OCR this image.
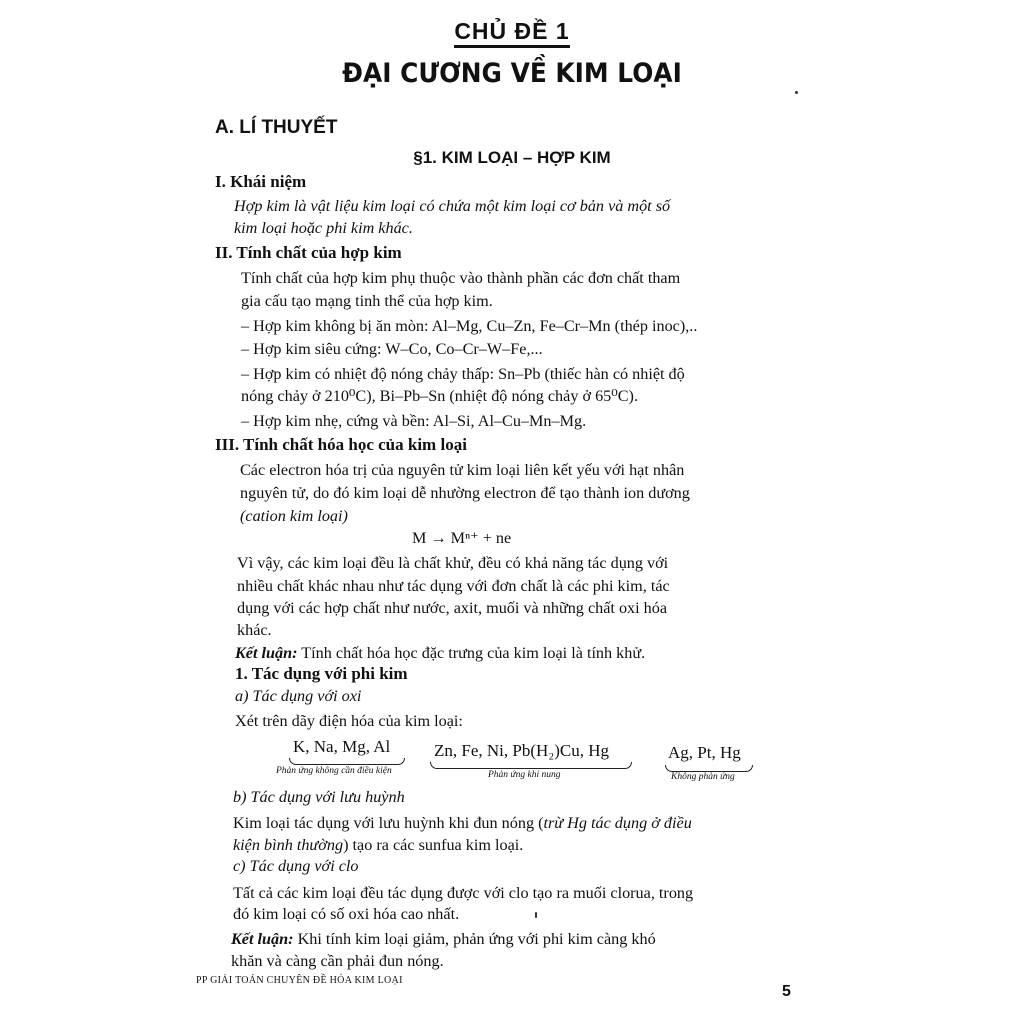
CHỦ ĐỀ 1
ĐẠI CƯƠNG VỀ KIM LOẠI
A. LÍ THUYẾT
§1. KIM LOẠI – HỢP KIM
I. Khái niệm
Hợp kim là vật liệu kim loại có chứa một kim loại cơ bản và một số
kim loại hoặc phi kim khác.
II. Tính chất của hợp kim
Tính chất của hợp kim phụ thuộc vào thành phần các đơn chất tham
gia cấu tạo mạng tinh thể của hợp kim.
– Hợp kim không bị ăn mòn: Al–Mg, Cu–Zn, Fe–Cr–Mn (thép inoc),..
– Hợp kim siêu cứng: W–Co, Co–Cr–W–Fe,...
– Hợp kim có nhiệt độ nóng chảy thấp: Sn–Pb (thiếc hàn có nhiệt độ
nóng chảy ở 210⁰C), Bi–Pb–Sn (nhiệt độ nóng chảy ở 65⁰C).
– Hợp kim nhẹ, cứng và bền: Al–Si, Al–Cu–Mn–Mg.
III. Tính chất hóa học của kim loại
Các electron hóa trị của nguyên tử kim loại liên kết yếu với hạt nhân
nguyên tử, do đó kim loại dễ nhường electron để tạo thành ion dương
(cation kim loại)
M → Mⁿ⁺ + ne
Vì vậy, các kim loại đều là chất khử, đều có khả năng tác dụng với
nhiều chất khác nhau như tác dụng với đơn chất là các phi kim, tác
dụng với các hợp chất như nước, axit, muối và những chất oxi hóa
khác.
Kết luận: Tính chất hóa học đặc trưng của kim loại là tính khử.
1. Tác dụng với phi kim
a) Tác dụng với oxi
Xét trên dãy điện hóa của kim loại:
K, Na, Mg, Al
Phản ứng không cần điều kiện
Zn, Fe, Ni, Pb(H₂)Cu, Hg
Phản ứng khi nung
Ag, Pt, Hg
Không phản ứng
b) Tác dụng với lưu huỳnh
Kim loại tác dụng với lưu huỳnh khi đun nóng (trừ Hg tác dụng ở điều
kiện bình thường) tạo ra các sunfua kim loại.
c) Tác dụng với clo
Tất cả các kim loại đều tác dụng được với clo tạo ra muối clorua, trong
đó kim loại có số oxi hóa cao nhất.
Kết luận: Khi tính kim loại giảm, phản ứng với phi kim càng khó
khăn và càng cần phải đun nóng.
PP GIẢI TOÁN CHUYÊN ĐỀ HÓA KIM LOẠI
5
